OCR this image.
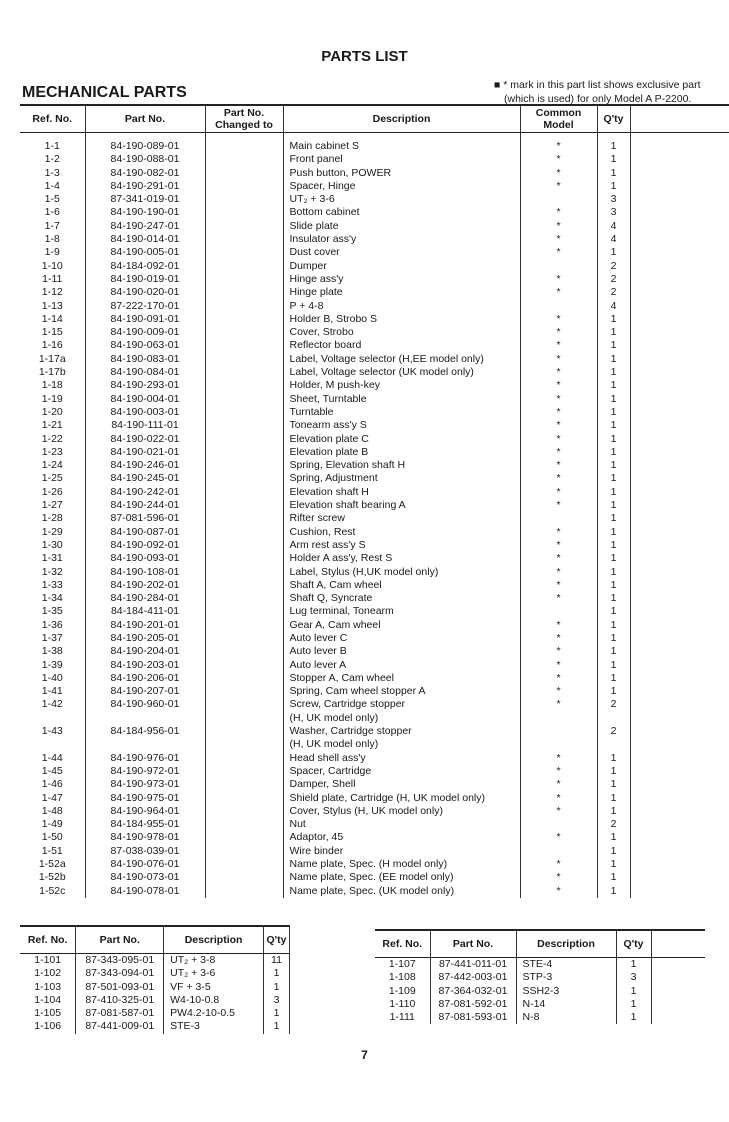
PARTS LIST
MECHANICAL PARTS	■ * mark in this part list shows exclusive part
(which is used) for only Model A P-2200.
Ref. No.	Part No.	Part No. Changed to	Description	Common Model	Q'ty	

1-1	84-190-089-01		Main cabinet S	*	1	
1-2	84-190-088-01		Front panel	*	1	
1-3	84-190-082-01		Push button, POWER	*	1	
1-4	84-190-291-01		Spacer, Hinge	*	1	
1-5	87-341-019-01		UT₂ + 3-6		3	
1-6	84-190-190-01		Bottom cabinet	*	3	
1-7	84-190-247-01		Slide plate	*	4	
1-8	84-190-014-01		Insulator ass'y	*	4	
1-9	84-190-005-01		Dust cover	*	1	
1-10	84-184-092-01		Dumper		2	
1-11	84-190-019-01		Hinge ass'y	*	2	
1-12	84-190-020-01		Hinge plate	*	2	
1-13	87-222-170-01		P + 4-8		4	
1-14	84-190-091-01		Holder B, Strobo S	*	1	
1-15	84-190-009-01		Cover, Strobo	*	1	
1-16	84-190-063-01		Reflector board	*	1	
1-17a	84-190-083-01		Label, Voltage selector (H,EE model only)	*	1	
1-17b	84-190-084-01		Label, Voltage selector (UK model only)	*	1	
1-18	84-190-293-01		Holder, M push-key	*	1	
1-19	84-190-004-01		Sheet, Turntable	*	1	
1-20	84-190-003-01		Turntable	*	1	
1-21	84-190-111-01		Tonearm ass'y S	*	1	
1-22	84-190-022-01		Elevation plate C	*	1	
1-23	84-190-021-01		Elevation plate B	*	1	
1-24	84-190-246-01		Spring, Elevation shaft H	*	1	
1-25	84-190-245-01		Spring, Adjustment	*	1	
1-26	84-190-242-01		Elevation shaft H	*	1	
1-27	84-190-244-01		Elevation shaft bearing A	*	1	
1-28	87-081-596-01		Rifter screw		1	
1-29	84-190-087-01		Cushion, Rest	*	1	
1-30	84-190-092-01		Arm rest ass'y S	*	1	
1-31	84-190-093-01		Holder A ass'y, Rest S	*	1	
1-32	84-190-108-01		Label, Stylus (H,UK model only)	*	1	
1-33	84-190-202-01		Shaft A, Cam wheel	*	1	
1-34	84-190-284-01		Shaft Q, Syncrate	*	1	
1-35	84-184-411-01		Lug terminal, Tonearm		1	
1-36	84-190-201-01		Gear A, Cam wheel	*	1	
1-37	84-190-205-01		Auto lever C	*	1	
1-38	84-190-204-01		Auto lever B	*	1	
1-39	84-190-203-01		Auto lever A	*	1	
1-40	84-190-206-01		Stopper A, Cam wheel	*	1	
1-41	84-190-207-01		Spring, Cam wheel stopper A	*	1	
1-42	84-190-960-01		Screw, Cartridge stopper
(H, UK model only)	*	2	
1-43	84-184-956-01		Washer, Cartridge stopper
(H, UK model only)		2	
1-44	84-190-976-01		Head shell ass'y	*	1	
1-45	84-190-972-01		Spacer, Cartridge	*	1	
1-46	84-190-973-01		Damper, Shell	*	1	
1-47	84-190-975-01		Shield plate, Cartridge (H, UK model only)	*	1	
1-48	84-190-964-01		Cover, Stylus (H, UK model only)	*	1	
1-49	84-184-955-01		Nut		2	
1-50	84-190-978-01		Adaptor, 45	*	1	
1-51	87-038-039-01		Wire binder		1	
1-52a	84-190-076-01		Name plate, Spec. (H model only)	*	1	
1-52b	84-190-073-01		Name plate, Spec. (EE model only)	*	1	
1-52c	84-190-078-01		Name plate, Spec. (UK model only)	*	1	
Ref. No.	Part No.	Description	Q'ty	
1-101	87-343-095-01	UT₂ + 3-8	11	
1-102	87-343-094-01	UT₂ + 3-6	1	
1-103	87-501-093-01	VF + 3-5	1	
1-104	87-410-325-01	W4-10-0.8	3	
1-105	87-081-587-01	PW4.2-10-0.5	1	
1-106	87-441-009-01	STE-3	1	
Ref. No.	Part No.	Description	Q'ty	
1-107	87-441-011-01	STE-4	1	
1-108	87-442-003-01	STP-3	3	
1-109	87-364-032-01	SSH2-3	1	
1-110	87-081-592-01	N-14	1	
1-111	87-081-593-01	N-8	1	
7
